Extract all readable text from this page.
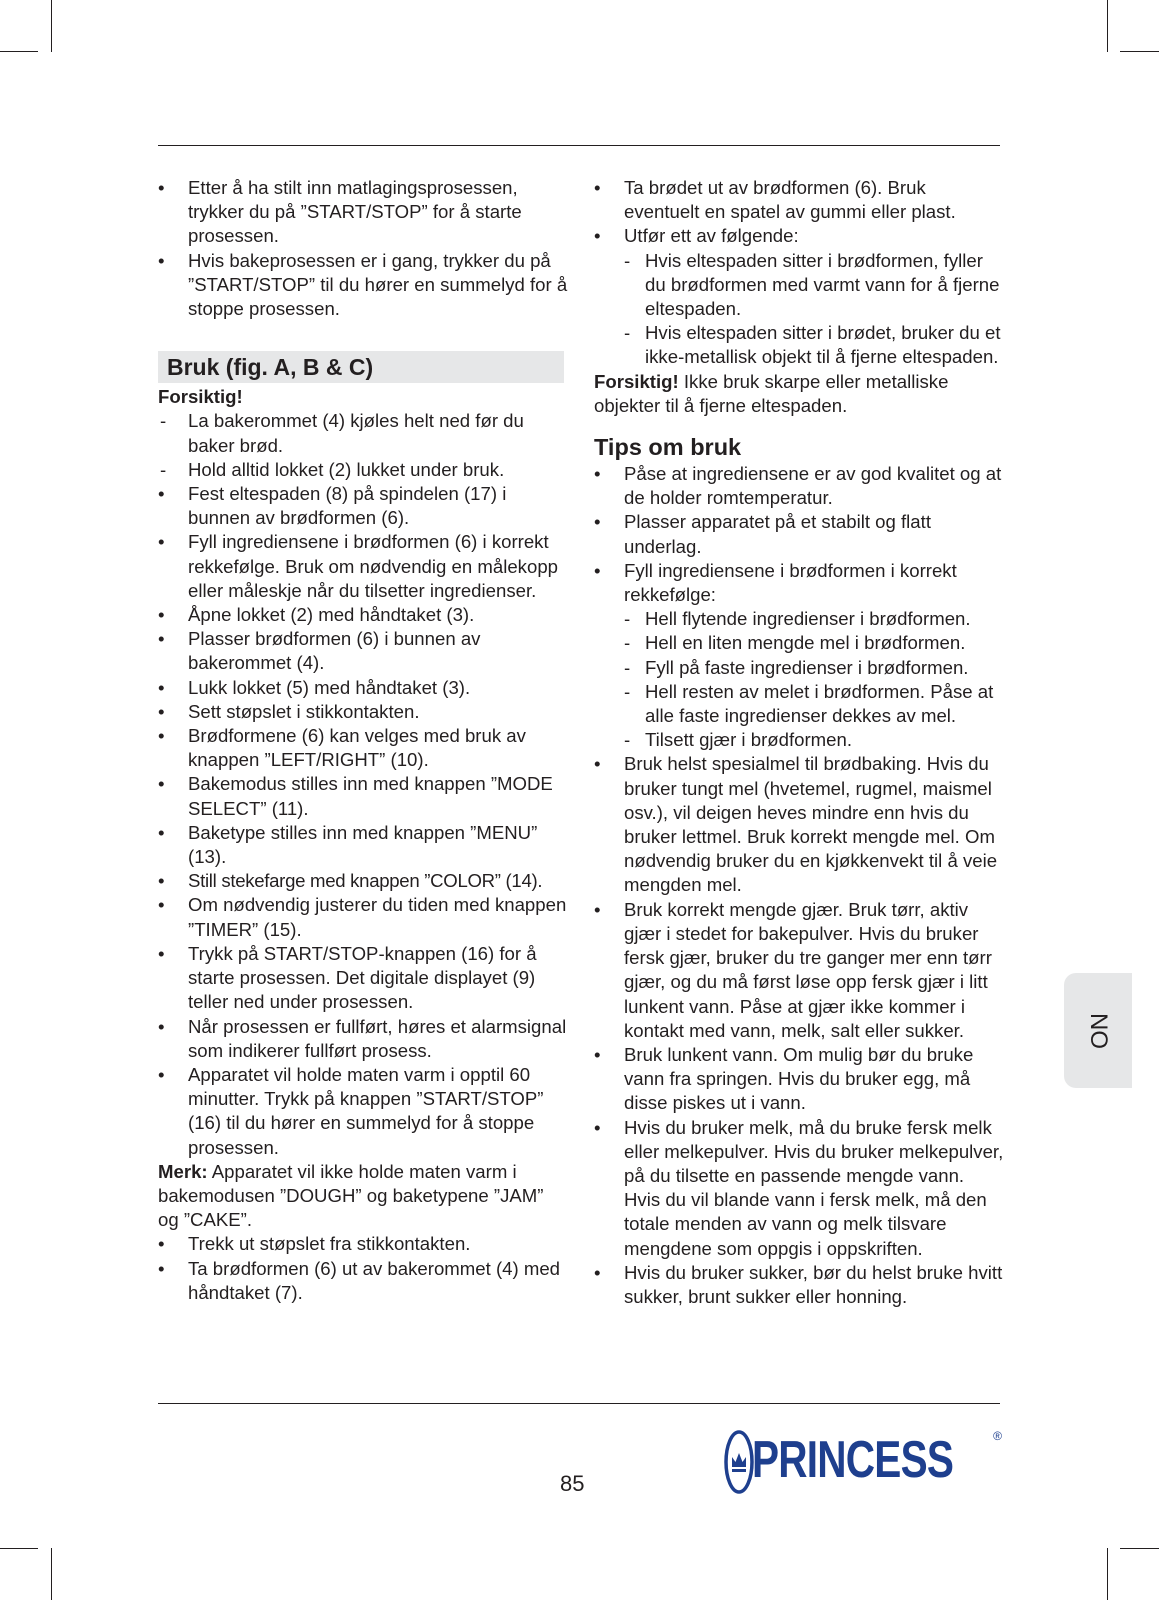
• Etter å ha stilt inn matlagingsprosessen, trykker du på ”START/STOP” for å starte prosessen.
• Hvis bakeprosessen er i gang, trykker du på ”START/STOP” til du hører en summelyd for å stoppe prosessen.
Bruk (fig. A, B & C)
Forsiktig!
- La bakerommet (4) kjøles helt ned før du baker brød.
- Hold alltid lokket (2) lukket under bruk.
• Fest eltespaden (8) på spindelen (17) i bunnen av brødformen (6).
• Fyll ingrediensene i brødformen (6) i korrekt rekkefølge. Bruk om nødvendig en målekopp eller måleskje når du tilsetter ingredienser.
• Åpne lokket (2) med håndtaket (3).
• Plasser brødformen (6) i bunnen av bakerommet (4).
• Lukk lokket (5) med håndtaket (3).
• Sett støpslet i stikkontakten.
• Brødformene (6) kan velges med bruk av knappen ”LEFT/RIGHT” (10).
• Bakemodus stilles inn med knappen ”MODE SELECT” (11).
• Baketype stilles inn med knappen ”MENU” (13).
• Still stekefarge med knappen ”COLOR” (14).
• Om nødvendig justerer du tiden med knappen ”TIMER” (15).
• Trykk på START/STOP-knappen (16) for å starte prosessen. Det digitale displayet (9) teller ned under prosessen.
• Når prosessen er fullført, høres et alarmsignal som indikerer fullført prosess.
• Apparatet vil holde maten varm i opptil 60 minutter. Trykk på knappen ”START/STOP” (16) til du hører en summelyd for å stoppe prosessen.

Merk: Apparatet vil ikke holde maten varm i bakemodusen ”DOUGH” og baketypene ”JAM” og ”CAKE”.

• Trekk ut støpslet fra stikkontakten.
• Ta brødformen (6) ut av bakerommet (4) med håndtaket (7).
• Ta brødet ut av brødformen (6). Bruk eventuelt en spatel av gummi eller plast.
• Utfør ett av følgende:
- Hvis eltespaden sitter i brødformen, fyller du brødformen med varmt vann for å fjerne eltespaden.
- Hvis eltespaden sitter i brødet, bruker du et ikke-metallisk objekt til å fjerne eltespaden.

Forsiktig! Ikke bruk skarpe eller metalliske objekter til å fjerne eltespaden.

Tips om bruk
• Påse at ingrediensene er av god kvalitet og at de holder romtemperatur.
• Plasser apparatet på et stabilt og flatt underlag.
• Fyll ingrediensene i brødformen i korrekt rekkefølge:
- Hell flytende ingredienser i brødformen.
- Hell en liten mengde mel i brødformen.
- Fyll på faste ingredienser i brødformen.
- Hell resten av melet i brødformen. Påse at alle faste ingredienser dekkes av mel.
- Tilsett gjær i brødformen.
• Bruk helst spesialmel til brødbaking. Hvis du bruker tungt mel (hvetemel, rugmel, maismel osv.), vil deigen heves mindre enn hvis du bruker lettmel. Bruk korrekt mengde mel. Om nødvendig bruker du en kjøkkenvekt til å veie mengden mel.
• Bruk korrekt mengde gjær. Bruk tørr, aktiv gjær i stedet for bakepulver. Hvis du bruker fersk gjær, bruker du tre ganger mer enn tørr gjær, og du må først løse opp fersk gjær i litt lunkent vann. Påse at gjær ikke kommer i kontakt med vann, melk, salt eller sukker.
• Bruk lunkent vann. Om mulig bør du bruke vann fra springen. Hvis du bruker egg, må disse piskes ut i vann.
• Hvis du bruker melk, må du bruke fersk melk eller melkepulver. Hvis du bruker melkepulver, på du tilsette en passende mengde vann. Hvis du vil blande vann i fersk melk, må den totale menden av vann og melk tilsvare mengdene som oppgis i oppskriften.
• Hvis du bruker sukker, bør du helst bruke hvitt sukker, brunt sukker eller honning.
NO
85	PRINCESS	®
